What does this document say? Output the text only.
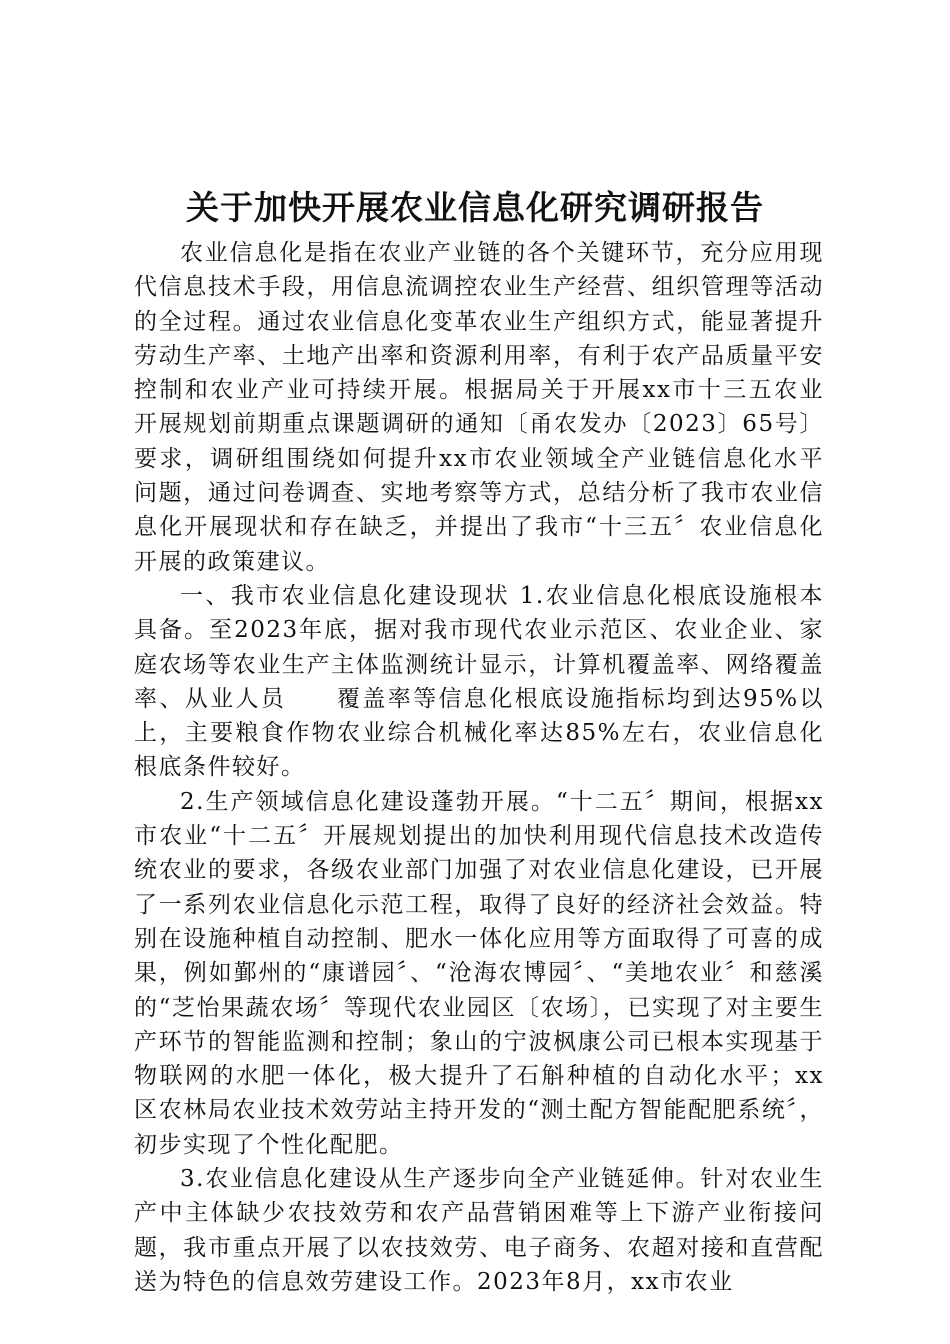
关于加快开展农业信息化研究调研报告

农业信息化是指在农业产业链的各个关键环节，充分应用现代信息技术手段，用信息流调控农业生产经营、组织管理等活动的全过程。通过农业信息化变革农业生产组织方式，能显著提升劳动生产率、土地产出率和资源利用率，有利于农产品质量平安控制和农业产业可持续开展。根据局关于开展xx市十三五农业开展规划前期重点课题调研的通知〔甬农发办〔2023〕65号〕要求，调研组围绕如何提升xx市农业领域全产业链信息化水平问题，通过问卷调查、实地考察等方式，总结分析了我市农业信息化开展现状和存在缺乏，并提出了我市“十三五〞农业信息化开展的政策建议。

一、我市农业信息化建设现状 1.农业信息化根底设施根本具备。至2023年底，据对我市现代农业示范区、农业企业、家庭农场等农业生产主体监测统计显示，计算机覆盖率、网络覆盖率、从业人员　　覆盖率等信息化根底设施指标均到达95%以上，主要粮食作物农业综合机械化率达85%左右，农业信息化根底条件较好。

2.生产领域信息化建设蓬勃开展。“十二五〞期间，根据xx市农业“十二五〞开展规划提出的加快利用现代信息技术改造传统农业的要求，各级农业部门加强了对农业信息化建设，已开展了一系列农业信息化示范工程，取得了良好的经济社会效益。特别在设施种植自动控制、肥水一体化应用等方面取得了可喜的成果，例如鄞州的“康谱园〞、“沧海农博园〞、“美地农业〞和慈溪的“芝怡果蔬农场〞等现代农业园区〔农场〕，已实现了对主要生产环节的智能监测和控制；象山的宁波枫康公司已根本实现基于物联网的水肥一体化，极大提升了石斛种植的自动化水平；xx区农林局农业技术效劳站主持开发的“测土配方智能配肥系统〞，初步实现了个性化配肥。

3.农业信息化建设从生产逐步向全产业链延伸。针对农业生产中主体缺少农技效劳和农产品营销困难等上下游产业衔接问题，我市重点开展了以农技效劳、电子商务、农超对接和直营配送为特色的信息效劳建设工作。2023年8月，xx市农业
